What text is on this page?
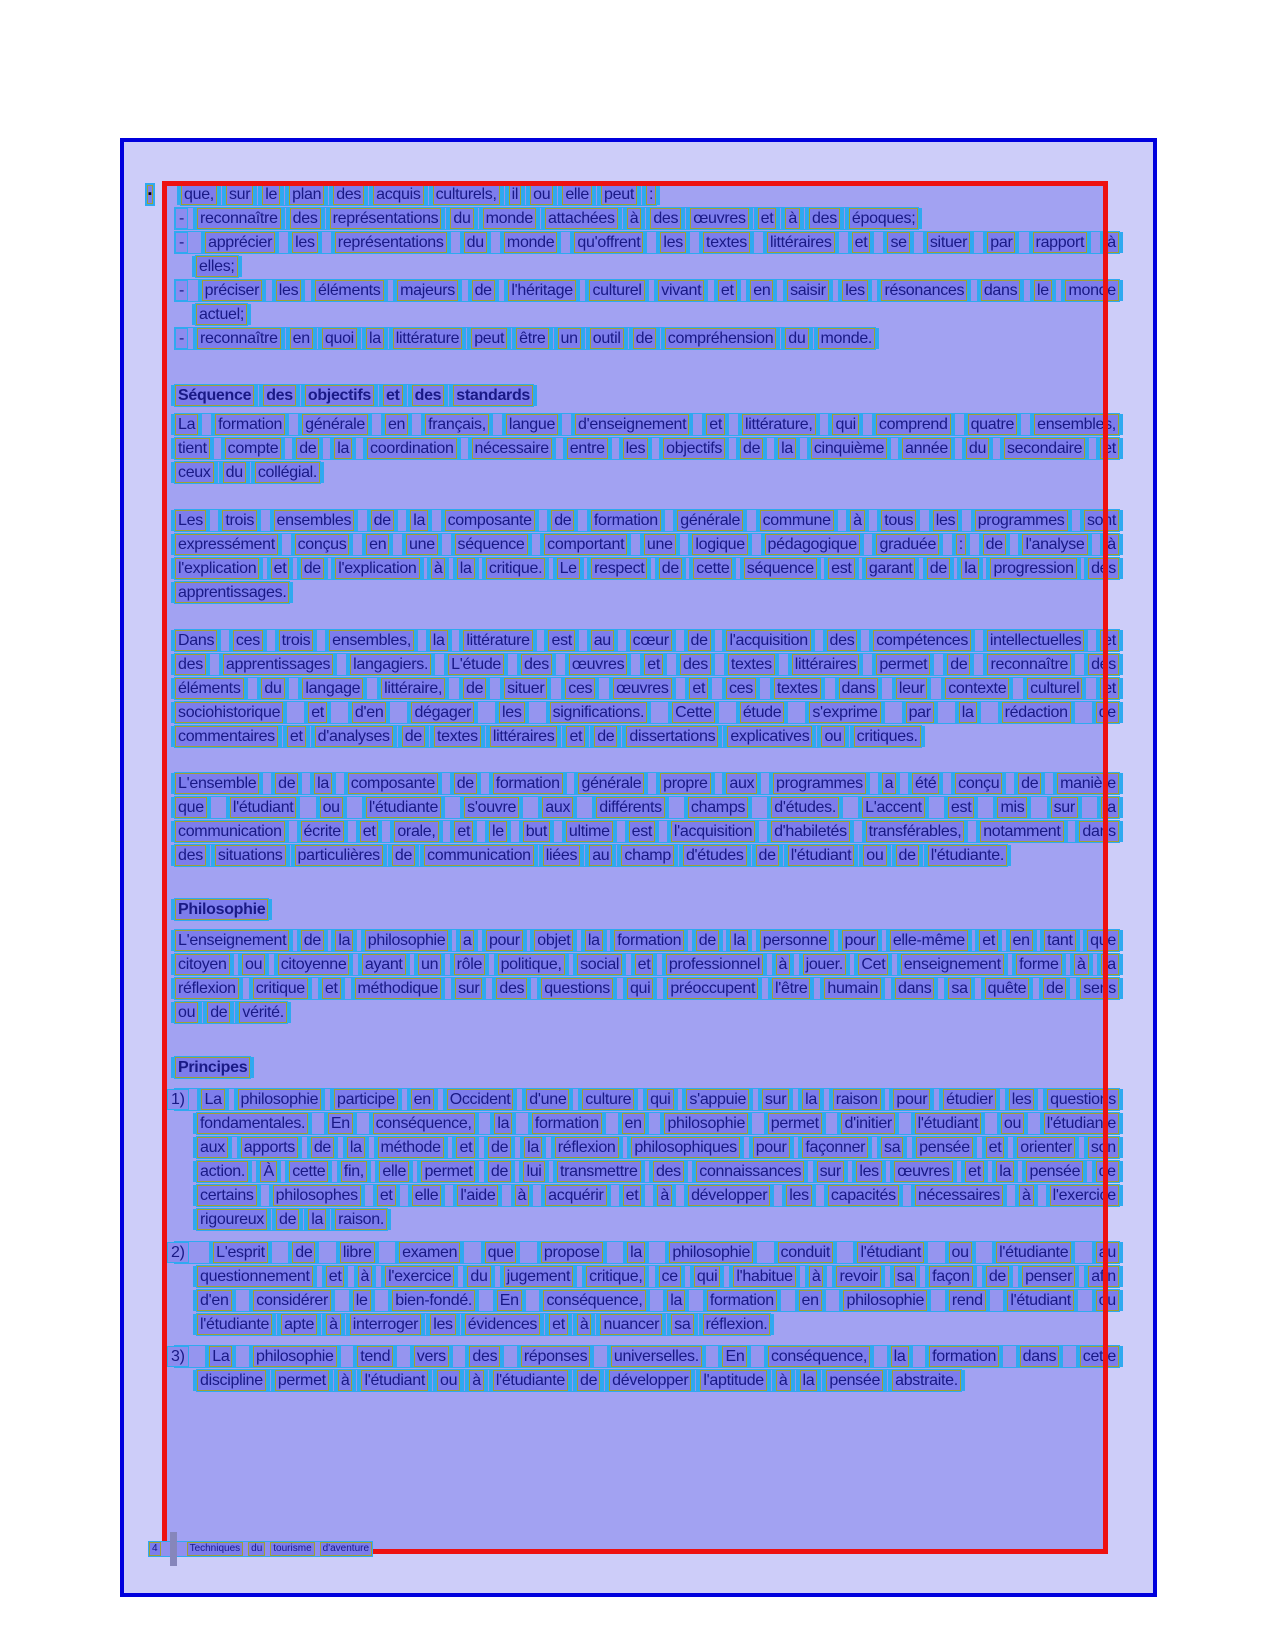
▪ que, sur le plan des acquis culturels, il ou elle peut :
- reconnaître des représentations du monde attachées à des œuvres et à des époques;
- apprécier les représentations du monde qu'offrent les textes littéraires et se situer par rapport à
elles;
- préciser les éléments majeurs de l'héritage culturel vivant et en saisir les résonances dans le monde
actuel;
- reconnaître en quoi la littérature peut être un outil de compréhension du monde.
Séquence des objectifs et des standards
La formation générale en français, langue d'enseignement et littérature, qui comprend quatre ensembles,
tient compte de la coordination nécessaire entre les objectifs de la cinquième année du secondaire et
ceux du collégial.
Les trois ensembles de la composante de formation générale commune à tous les programmes sont
expressément conçus en une séquence comportant une logique pédagogique graduée : de l'analyse à
l'explication et de l'explication à la critique. Le respect de cette séquence est garant de la progression des
apprentissages.
Dans ces trois ensembles, la littérature est au cœur de l'acquisition des compétences intellectuelles et
des apprentissages langagiers. L'étude des œuvres et des textes littéraires permet de reconnaître des
éléments du langage littéraire, de situer ces œuvres et ces textes dans leur contexte culturel et
sociohistorique et d'en dégager les significations. Cette étude s'exprime par la rédaction de
commentaires et d'analyses de textes littéraires et de dissertations explicatives ou critiques.
L'ensemble de la composante de formation générale propre aux programmes a été conçu de manière
que l'étudiant ou l'étudiante s'ouvre aux différents champs d'études. L'accent est mis sur la
communication écrite et orale, et le but ultime est l'acquisition d'habiletés transférables, notamment dans
des situations particulières de communication liées au champ d'études de l'étudiant ou de l'étudiante.
Philosophie
L'enseignement de la philosophie a pour objet la formation de la personne pour elle-même et en tant que
citoyen ou citoyenne ayant un rôle politique, social et professionnel à jouer. Cet enseignement forme à la
réflexion critique et méthodique sur des questions qui préoccupent l'être humain dans sa quête de sens
ou de vérité.
Principes
1) La philosophie participe en Occident d'une culture qui s'appuie sur la raison pour étudier les questions
fondamentales. En conséquence, la formation en philosophie permet d'initier l'étudiant ou l'étudiante
aux apports de la méthode et de la réflexion philosophiques pour façonner sa pensée et orienter son
action. À cette fin, elle permet de lui transmettre des connaissances sur les œuvres et la pensée de
certains philosophes et elle l'aide à acquérir et à développer les capacités nécessaires à l'exercice
rigoureux de la raison.
2) L'esprit de libre examen que propose la philosophie conduit l'étudiant ou l'étudiante au
questionnement et à l'exercice du jugement critique, ce qui l'habitue à revoir sa façon de penser afin
d'en considérer le bien-fondé. En conséquence, la formation en philosophie rend l'étudiant ou
l'étudiante apte à interroger les évidences et à nuancer sa réflexion.
3) La philosophie tend vers des réponses universelles. En conséquence, la formation dans cette
discipline permet à l'étudiant ou à l'étudiante de développer l'aptitude à la pensée abstraite.
4	Techniques	du	tourisme	d'aventure
